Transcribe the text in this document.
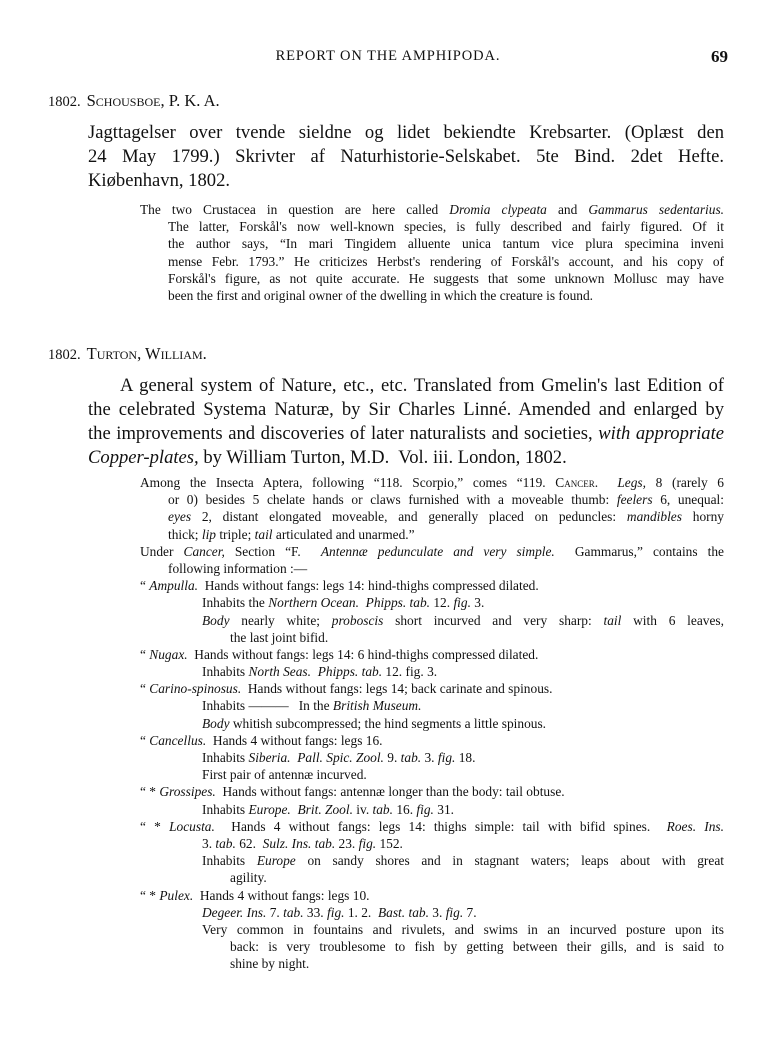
REPORT ON THE AMPHIPODA.	69
1802. Schousboe, P. K. A.
Jagttagelser over tvende sieldne og lidet bekiendte Krebsarter. (Oplæst den
24 May 1799.) Skrivter af Naturhistorie-Selskabet. 5te Bind. 2det Hefte.
Kiøbenhavn, 1802.
The two Crustacea in question are here called Dromia clypeata and Gammarus sedentarius.
The latter, Forskål's now well-known species, is fully described and fairly figured. Of it
the author says, “In mari Tingidem alluente unica tantum vice plura specimina inveni
mense Febr. 1793.” He criticizes Herbst's rendering of Forskål's account, and his copy of
Forskål's figure, as not quite accurate. He suggests that some unknown Mollusc may have
been the first and original owner of the dwelling in which the creature is found.
1802. Turton, William.
A general system of Nature, etc., etc. Translated from Gmelin's last Edition of
the celebrated Systema Naturæ, by Sir Charles Linné. Amended and enlarged by
the improvements and discoveries of later naturalists and societies, with appropriate
Copper-plates, by William Turton, M.D.  Vol. iii. London, 1802.
Among the Insecta Aptera, following “118. Scorpio,” comes “119. Cancer.  Legs, 8 (rarely 6
or 0) besides 5 chelate hands or claws furnished with a moveable thumb: feelers 6, unequal:
eyes 2, distant elongated moveable, and generally placed on peduncles: mandibles horny
thick; lip triple; tail articulated and unarmed.”
Under Cancer, Section “F.  Antennæ pedunculate and very simple.  Gammarus,” contains the
following information :—
“ Ampulla.  Hands without fangs: legs 14: hind-thighs compressed dilated.
Inhabits the Northern Ocean. Phipps. tab. 12. fig. 3.
Body nearly white; proboscis short incurved and very sharp: tail with 6 leaves,
the last joint bifid.
“ Nugax.  Hands without fangs: legs 14: 6 hind-thighs compressed dilated.
Inhabits North Seas. Phipps. tab. 12. fig. 3.
“ Carino-spinosus.  Hands without fangs: legs 14; back carinate and spinous.
Inhabits ———   In the British Museum.
Body whitish subcompressed; the hind segments a little spinous.
“ Cancellus.  Hands 4 without fangs: legs 16.
Inhabits Siberia. Pall. Spic. Zool. 9. tab. 3. fig. 18.
First pair of antennæ incurved.
“ * Grossipes.  Hands without fangs: antennæ longer than the body: tail obtuse.
Inhabits Europe. Brit. Zool. iv. tab. 16. fig. 31.
“ * Locusta.  Hands 4 without fangs: legs 14: thighs simple: tail with bifid spines.  Roes. Ins.
3. tab. 62.  Sulz. Ins. tab. 23. fig. 152.
Inhabits Europe on sandy shores and in stagnant waters; leaps about with great
agility.
“ * Pulex.  Hands 4 without fangs: legs 10.
Degeer. Ins. 7. tab. 33. fig. 1. 2.  Bast. tab. 3. fig. 7.
Very common in fountains and rivulets, and swims in an incurved posture upon its
back: is very troublesome to fish by getting between their gills, and is said to
shine by night.
